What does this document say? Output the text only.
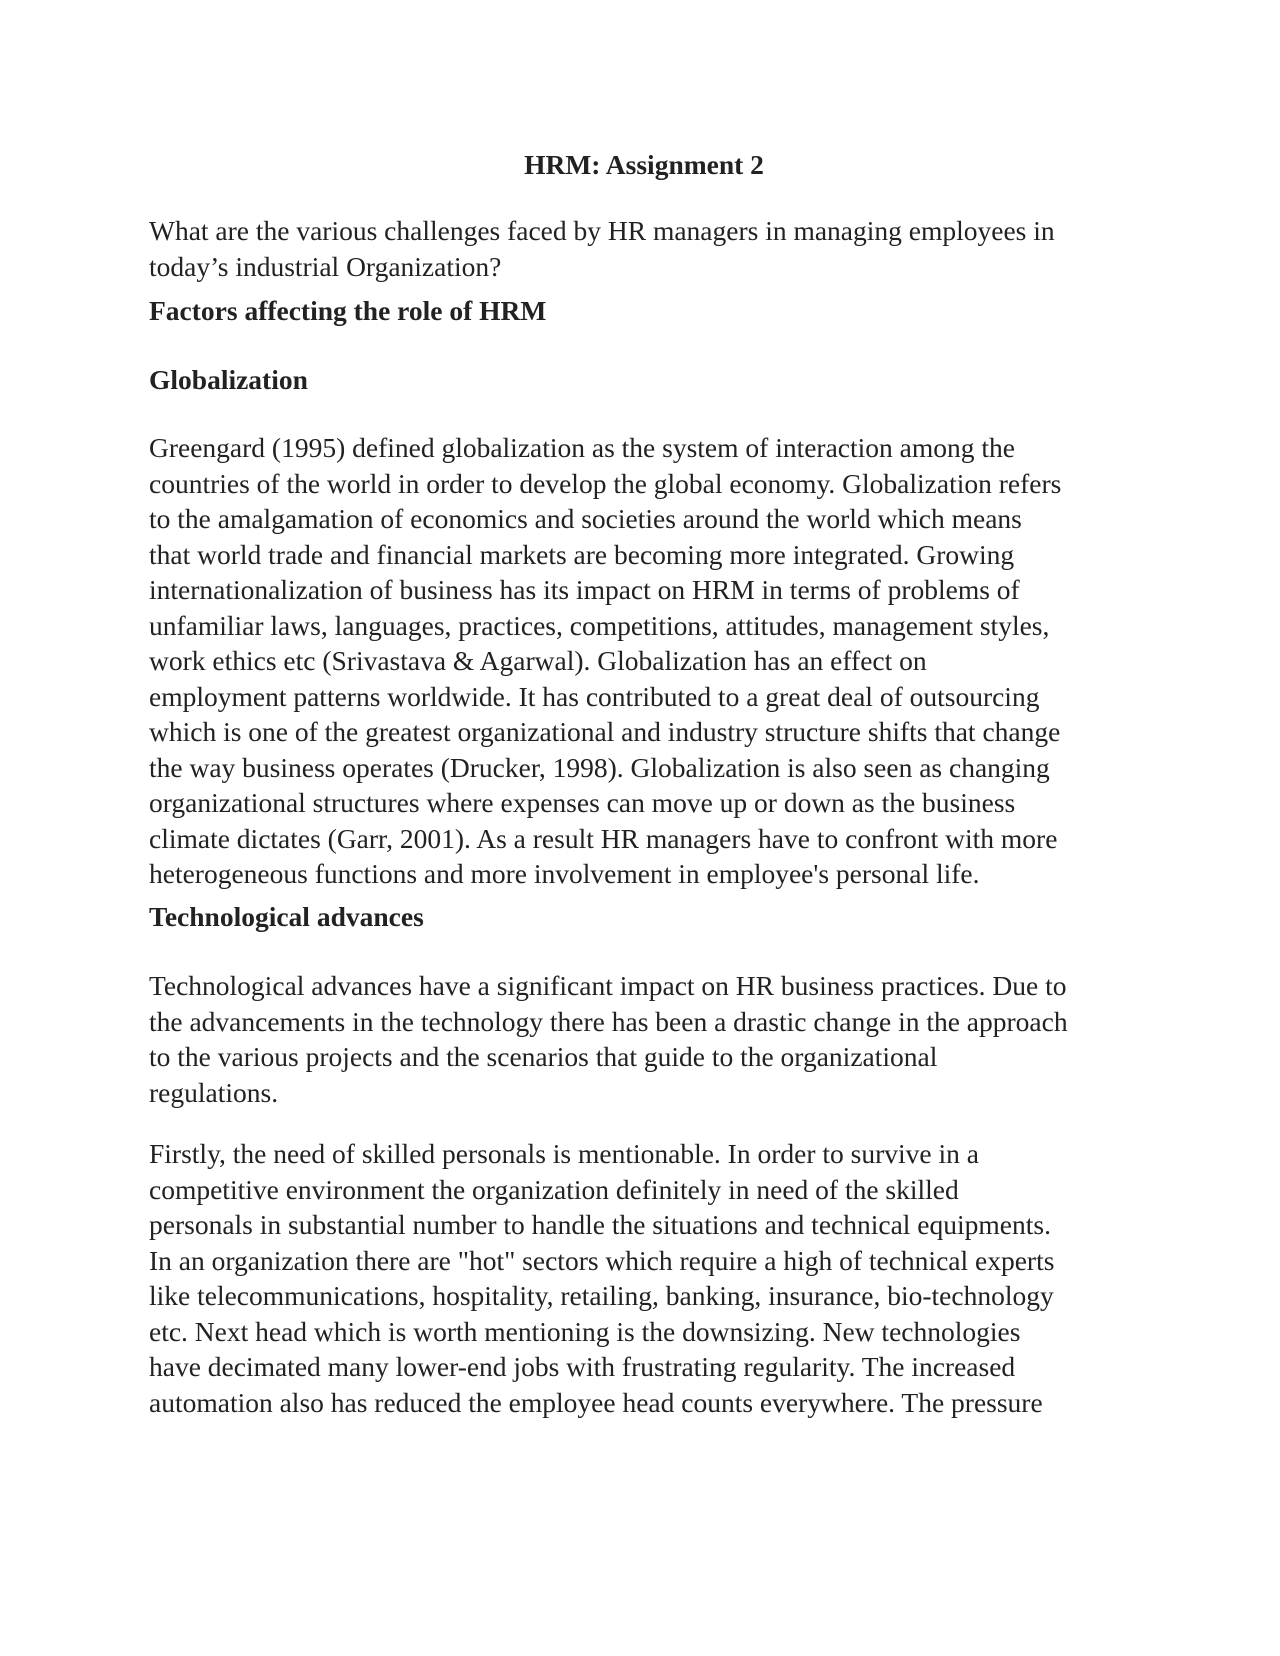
HRM: Assignment 2

What are the various challenges faced by HR managers in managing employees in
today’s industrial Organization?

Factors affecting the role of HRM
Globalization

Greengard (1995) defined globalization as the system of interaction among the
countries of the world in order to develop the global economy. Globalization refers
to the amalgamation of economics and societies around the world which means
that world trade and financial markets are becoming more integrated. Growing
internationalization of business has its impact on HRM in terms of problems of
unfamiliar laws, languages, practices, competitions, attitudes, management styles,
work ethics etc (Srivastava & Agarwal). Globalization has an effect on
employment patterns worldwide. It has contributed to a great deal of outsourcing
which is one of the greatest organizational and industry structure shifts that change
the way business operates (Drucker, 1998). Globalization is also seen as changing
organizational structures where expenses can move up or down as the business
climate dictates (Garr, 2001). As a result HR managers have to confront with more
heterogeneous functions and more involvement in employee's personal life.

Technological advances

Technological advances have a significant impact on HR business practices. Due to
the advancements in the technology there has been a drastic change in the approach
to the various projects and the scenarios that guide to the organizational
regulations.

Firstly, the need of skilled personals is mentionable. In order to survive in a
competitive environment the organization definitely in need of the skilled
personals in substantial number to handle the situations and technical equipments.
In an organization there are "hot" sectors which require a high of technical experts
like telecommunications, hospitality, retailing, banking, insurance, bio-technology
etc. Next head which is worth mentioning is the downsizing. New technologies
have decimated many lower-end jobs with frustrating regularity. The increased
automation also has reduced the employee head counts everywhere. The pressure
